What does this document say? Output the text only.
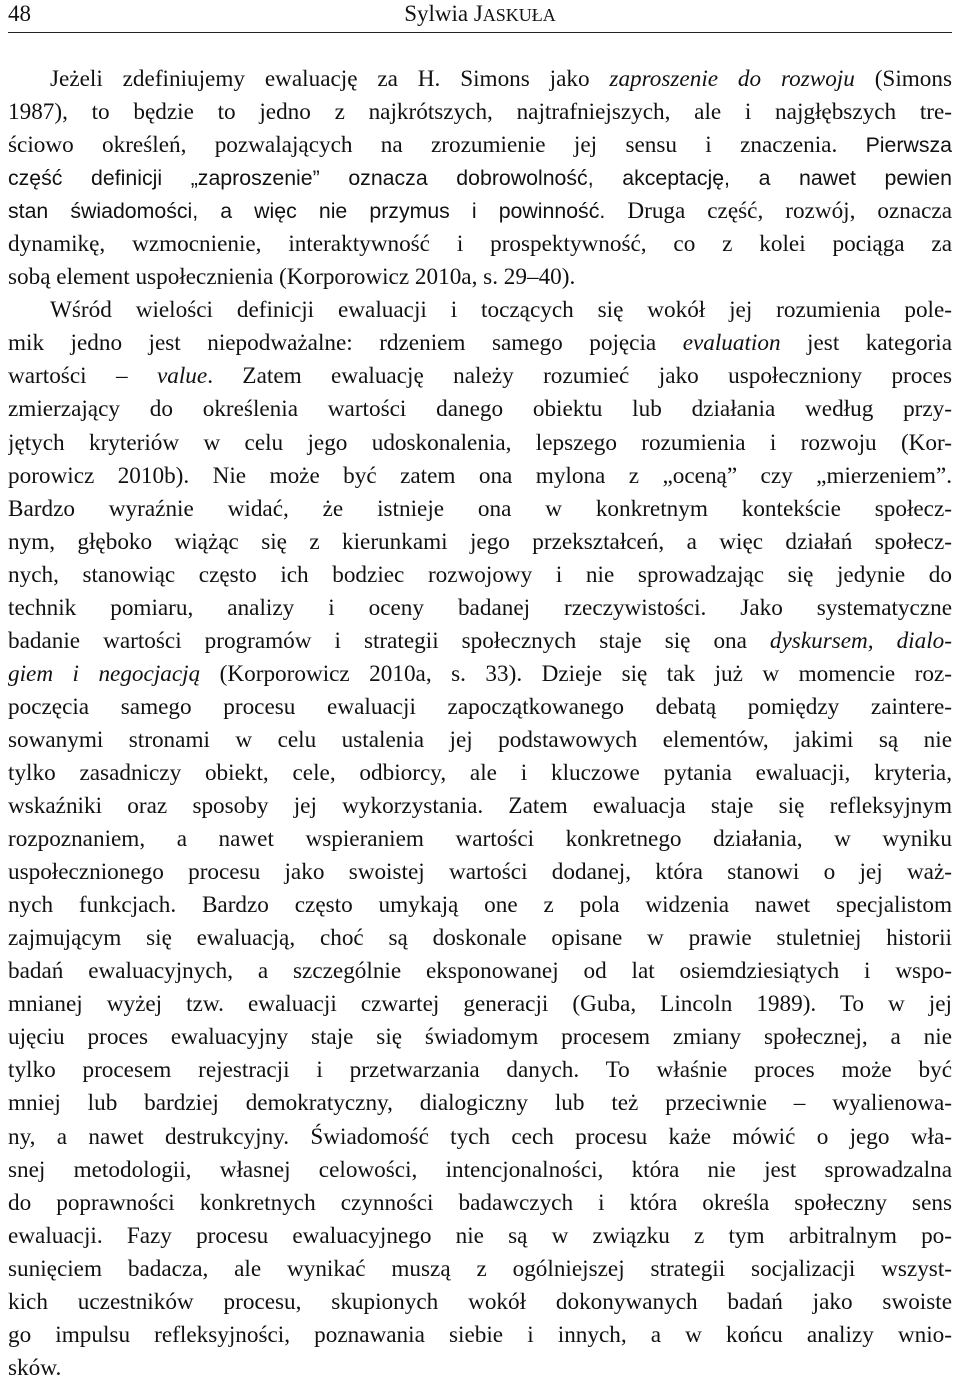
48	Sylwia JASKUŁA
Jeżeli zdefiniujemy ewaluację za H. Simons jako zaproszenie do rozwoju (Simons
1987), to będzie to jedno z najkrótszych, najtrafniejszych, ale i najgłębszych tre-
ściowo określeń, pozwalających na zrozumienie jej sensu i znaczenia. Pierwsza
część definicji „zaproszenie” oznacza dobrowolność, akceptację, a nawet pewien
stan świadomości, a więc nie przymus i powinność. Druga część, rozwój, oznacza
dynamikę, wzmocnienie, interaktywność i prospektywność, co z kolei pociąga za
sobą element uspołecznienia (Korporowicz 2010a, s. 29–40).
Wśród wielości definicji ewaluacji i toczących się wokół jej rozumienia pole-
mik jedno jest niepodważalne: rdzeniem samego pojęcia evaluation jest kategoria
wartości – value. Zatem ewaluację należy rozumieć jako uspołeczniony proces
zmierzający do określenia wartości danego obiektu lub działania według przy-
jętych kryteriów w celu jego udoskonalenia, lepszego rozumienia i rozwoju (Kor-
porowicz 2010b). Nie może być zatem ona mylona z „oceną” czy „mierzeniem”.
Bardzo wyraźnie widać, że istnieje ona w konkretnym kontekście społecz-
nym, głęboko wiążąc się z kierunkami jego przekształceń, a więc działań społecz-
nych, stanowiąc często ich bodziec rozwojowy i nie sprowadzając się jedynie do
technik pomiaru, analizy i oceny badanej rzeczywistości. Jako systematyczne
badanie wartości programów i strategii społecznych staje się ona dyskursem, dialo-
giem i negocjacją (Korporowicz 2010a, s. 33). Dzieje się tak już w momencie roz-
poczęcia samego procesu ewaluacji zapoczątkowanego debatą pomiędzy zaintere-
sowanymi stronami w celu ustalenia jej podstawowych elementów, jakimi są nie
tylko zasadniczy obiekt, cele, odbiorcy, ale i kluczowe pytania ewaluacji, kryteria,
wskaźniki oraz sposoby jej wykorzystania. Zatem ewaluacja staje się refleksyjnym
rozpoznaniem, a nawet wspieraniem wartości konkretnego działania, w wyniku
uspołecznionego procesu jako swoistej wartości dodanej, która stanowi o jej waż-
nych funkcjach. Bardzo często umykają one z pola widzenia nawet specjalistom
zajmującym się ewaluacją, choć są doskonale opisane w prawie stuletniej historii
badań ewaluacyjnych, a szczególnie eksponowanej od lat osiemdziesiątych i wspo-
mnianej wyżej tzw. ewaluacji czwartej generacji (Guba, Lincoln 1989). To w jej
ujęciu proces ewaluacyjny staje się świadomym procesem zmiany społecznej, a nie
tylko procesem rejestracji i przetwarzania danych. To właśnie proces może być
mniej lub bardziej demokratyczny, dialogiczny lub też przeciwnie – wyalienowa-
ny, a nawet destrukcyjny. Świadomość tych cech procesu każe mówić o jego wła-
snej metodologii, własnej celowości, intencjonalności, która nie jest sprowadzalna
do poprawności konkretnych czynności badawczych i która określa społeczny sens
ewaluacji. Fazy procesu ewaluacyjnego nie są w związku z tym arbitralnym po-
sunięciem badacza, ale wynikać muszą z ogólniejszej strategii socjalizacji wszyst-
kich uczestników procesu, skupionych wokół dokonywanych badań jako swoiste
go impulsu refleksyjności, poznawania siebie i innych, a w końcu analizy wnio-
sków.
